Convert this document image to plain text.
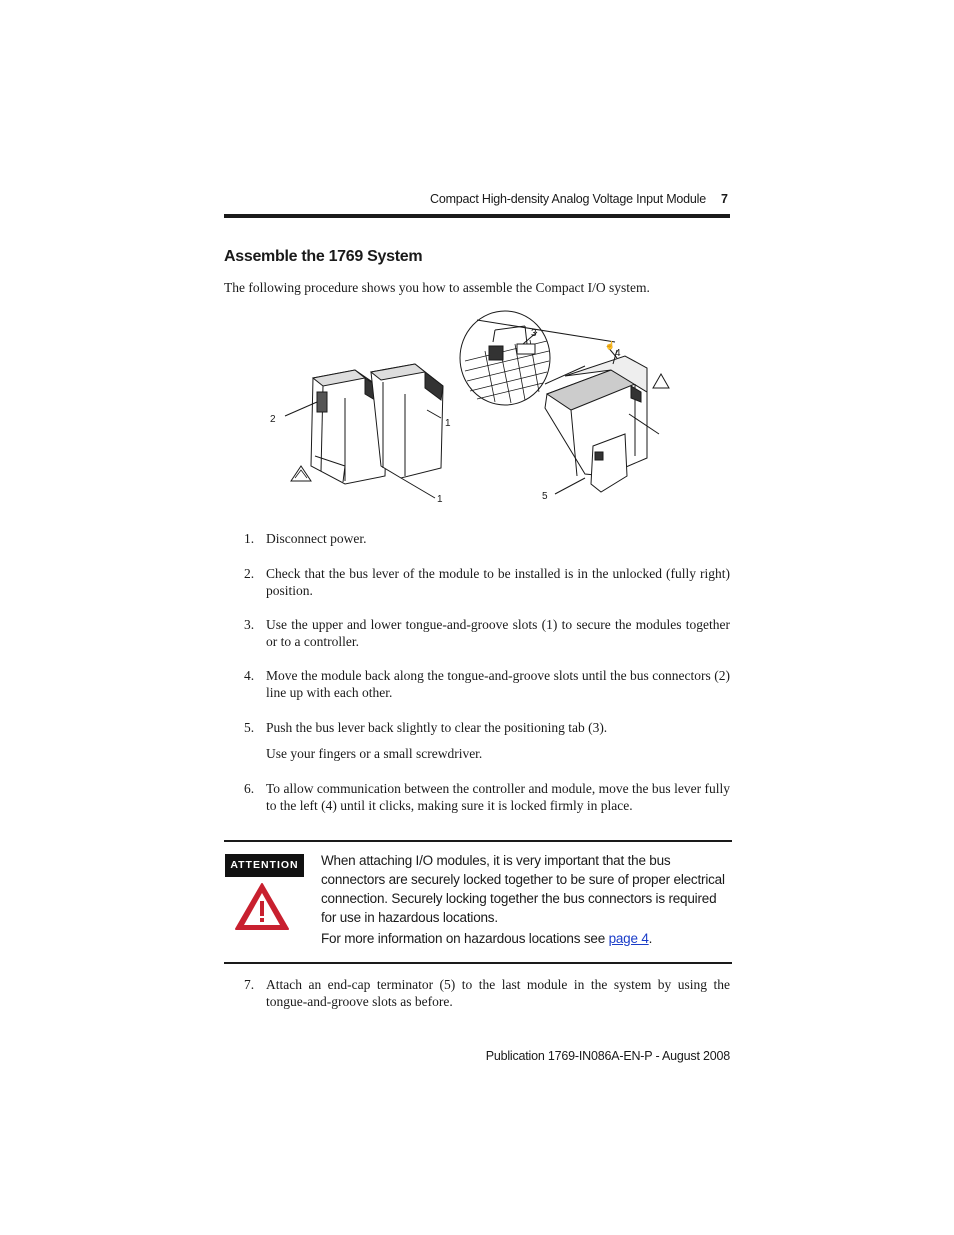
Compact High-density Analog Voltage Input Module 7
Assemble the 1769 System
The following procedure shows you how to assemble the Compact I/O system.
☝
2	1
1
3
4
5
1. Disconnect power.
2. Check that the bus lever of the module to be installed is in the unlocked (fully right) position.
3. Use the upper and lower tongue-and-groove slots (1) to secure the modules together or to a controller.
4. Move the module back along the tongue-and-groove slots until the bus connectors (2) line up with each other.
5. Push the bus lever back slightly to clear the positioning tab (3).
Use your fingers or a small screwdriver.
6. To allow communication between the controller and module, move the bus lever fully to the left (4) until it clicks, making sure it is locked firmly in place.
7. Attach an end-cap terminator (5) to the last module in the system by using the tongue-and-groove slots as before.
ATTENTION	When attaching I/O modules, it is very important that the bus connectors are securely locked together to be sure of proper electrical connection. Securely locking together the bus connectors is required for use in hazardous locations.
For more information on hazardous locations see page 4.
Publication 1769-IN086A-EN-P - August 2008
